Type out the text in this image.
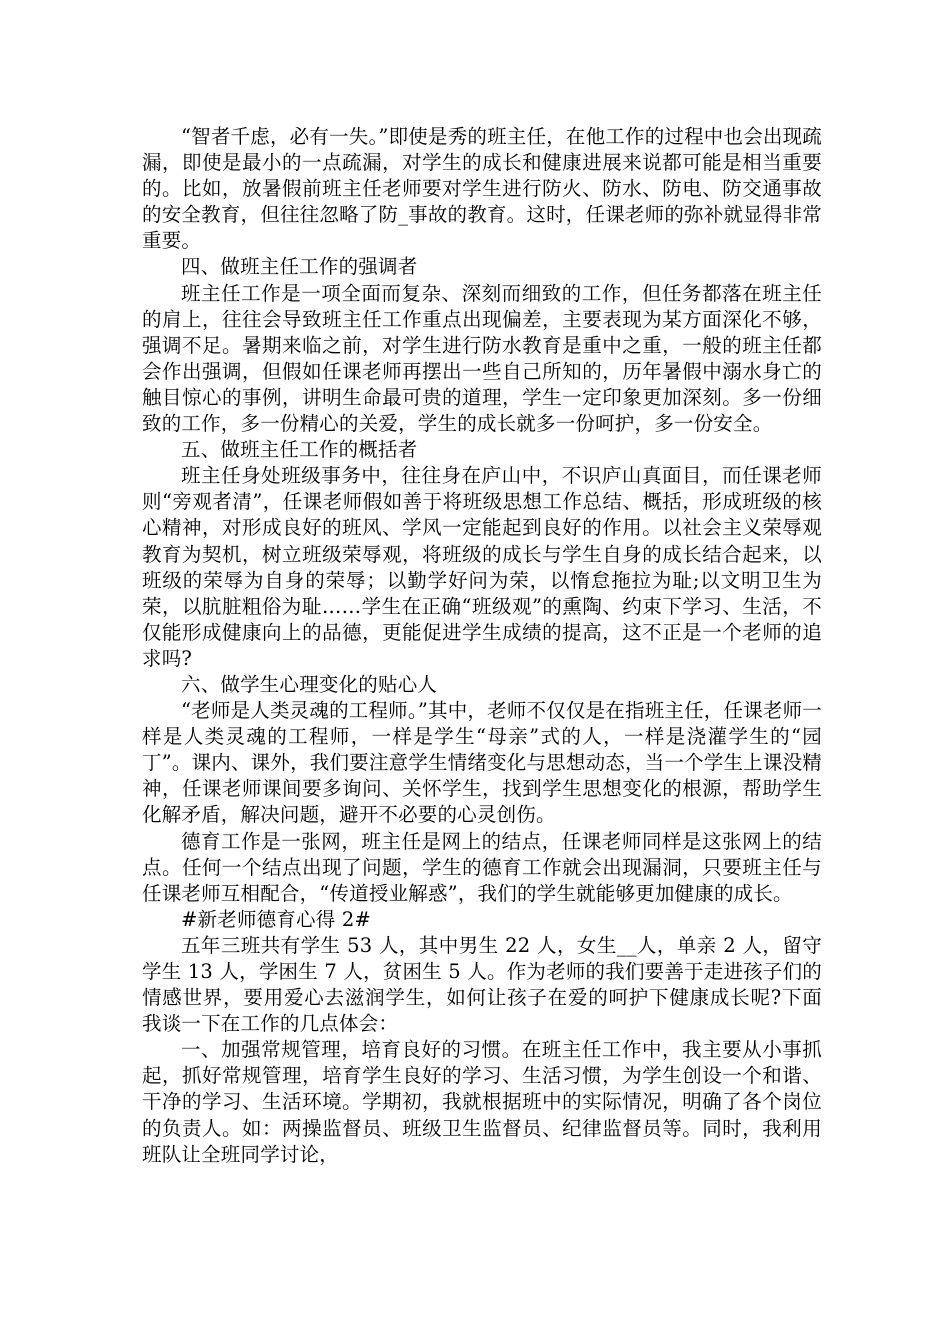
“智者千虑，必有一失。”即使是秀的班主任，在他工作的过程中也会出现疏漏，即使是最小的一点疏漏，对学生的成长和健康进展来说都可能是相当重要的。比如，放暑假前班主任老师要对学生进行防火、防水、防电、防交通事故的安全教育，但往往忽略了防_事故的教育。这时，任课老师的弥补就显得非常重要。

四、做班主任工作的强调者

班主任工作是一项全面而复杂、深刻而细致的工作，但任务都落在班主任的肩上，往往会导致班主任工作重点出现偏差，主要表现为某方面深化不够，强调不足。暑期来临之前，对学生进行防水教育是重中之重，一般的班主任都会作出强调，但假如任课老师再摆出一些自己所知的，历年暑假中溺水身亡的触目惊心的事例，讲明生命最可贵的道理，学生一定印象更加深刻。多一份细致的工作，多一份精心的关爱，学生的成长就多一份呵护，多一份安全。

五、做班主任工作的概括者

班主任身处班级事务中，往往身在庐山中，不识庐山真面目，而任课老师则“旁观者清”，任课老师假如善于将班级思想工作总结、概括，形成班级的核心精神，对形成良好的班风、学风一定能起到良好的作用。以社会主义荣辱观教育为契机，树立班级荣辱观，将班级的成长与学生自身的成长结合起来，以班级的荣辱为自身的荣辱；以勤学好问为荣，以惰怠拖拉为耻;以文明卫生为荣，以肮脏粗俗为耻……学生在正确“班级观”的熏陶、约束下学习、生活，不仅能形成健康向上的品德，更能促进学生成绩的提高，这不正是一个老师的追求吗?

六、做学生心理变化的贴心人

“老师是人类灵魂的工程师。”其中，老师不仅仅是在指班主任，任课老师一样是人类灵魂的工程师，一样是学生“母亲”式的人，一样是浇灌学生的“园丁”。课内、课外，我们要注意学生情绪变化与思想动态，当一个学生上课没精神，任课老师课间要多询问、关怀学生，找到学生思想变化的根源，帮助学生化解矛盾，解决问题，避开不必要的心灵创伤。

德育工作是一张网，班主任是网上的结点，任课老师同样是这张网上的结点。任何一个结点出现了问题，学生的德育工作就会出现漏洞，只要班主任与任课老师互相配合，“传道授业解惑”，我们的学生就能够更加健康的成长。

#新老师德育心得 2#

五年三班共有学生 53 人，其中男生 22 人，女生__人，单亲 2 人，留守学生 13 人，学困生 7 人，贫困生 5 人。作为老师的我们要善于走进孩子们的情感世界，要用爱心去滋润学生，如何让孩子在爱的呵护下健康成长呢?下面我谈一下在工作的几点体会：

一、加强常规管理，培育良好的习惯。在班主任工作中，我主要从小事抓起，抓好常规管理，培育学生良好的学习、生活习惯，为学生创设一个和谐、干净的学习、生活环境。学期初，我就根据班中的实际情况，明确了各个岗位的负责人。如：两操监督员、班级卫生监督员、纪律监督员等。同时，我利用班队让全班同学讨论，
